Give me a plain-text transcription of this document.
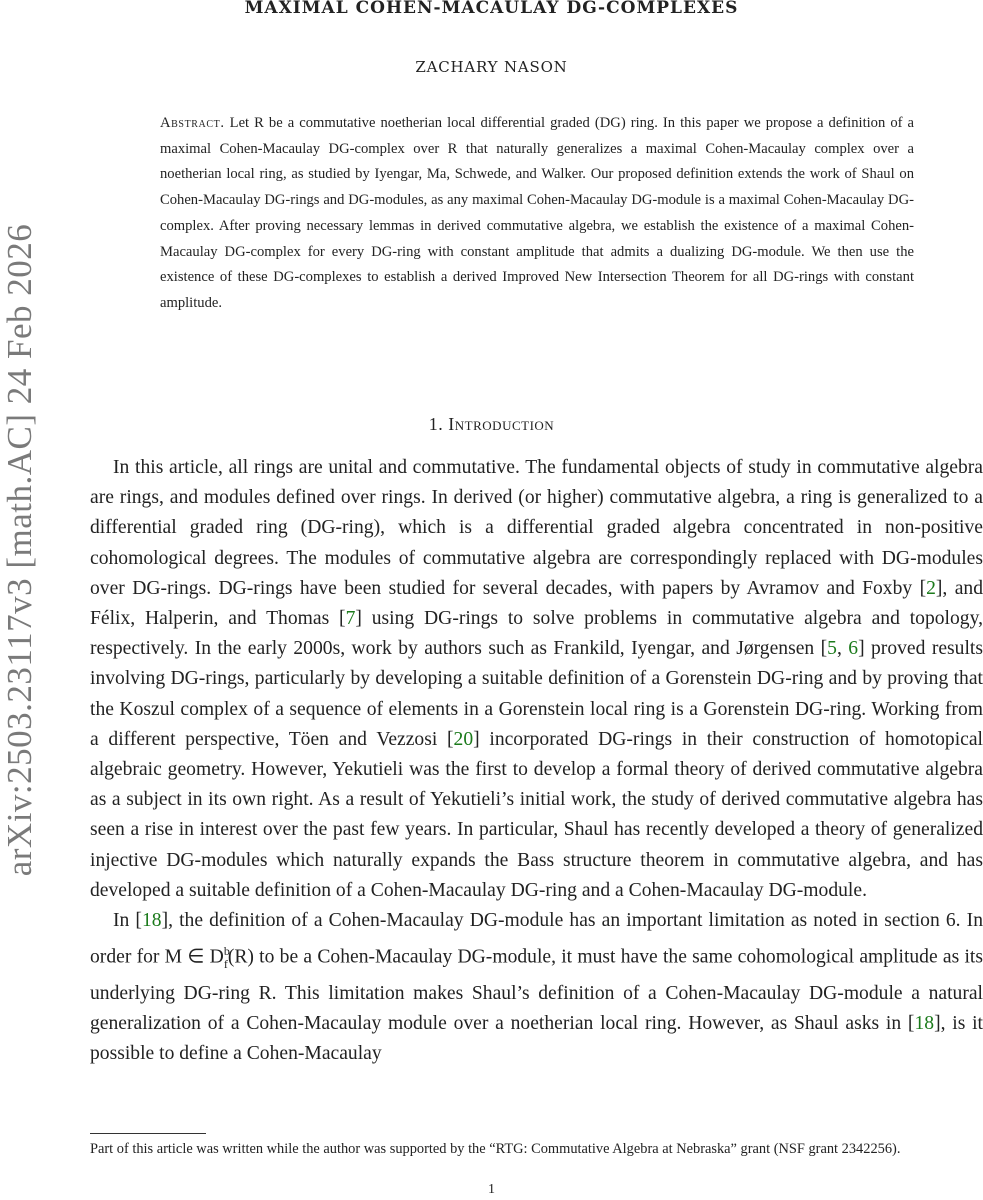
arXiv:2503.23117v3 [math.AC] 24 Feb 2026
MAXIMAL COHEN-MACAULAY DG-COMPLEXES
ZACHARY NASON
Abstract. Let R be a commutative noetherian local differential graded (DG) ring. In this paper we propose a definition of a maximal Cohen-Macaulay DG-complex over R that naturally generalizes a maximal Cohen-Macaulay complex over a noetherian local ring, as studied by Iyengar, Ma, Schwede, and Walker. Our proposed definition extends the work of Shaul on Cohen-Macaulay DG-rings and DG-modules, as any maximal Cohen-Macaulay DG-module is a maximal Cohen-Macaulay DG-complex. After proving necessary lemmas in derived commutative algebra, we establish the existence of a maximal Cohen-Macaulay DG-complex for every DG-ring with constant amplitude that admits a dualizing DG-module. We then use the existence of these DG-complexes to establish a derived Improved New Intersection Theorem for all DG-rings with constant amplitude.
1. Introduction

In this article, all rings are unital and commutative. The fundamental objects of study in commutative algebra are rings, and modules defined over rings. In derived (or higher) commutative algebra, a ring is generalized to a differential graded ring (DG-ring), which is a differential graded algebra concentrated in non-positive cohomological degrees. The modules of commutative algebra are correspondingly replaced with DG-modules over DG-rings. DG-rings have been studied for several decades, with papers by Avramov and Foxby [2], and Félix, Halperin, and Thomas [7] using DG-rings to solve problems in commutative algebra and topology, respectively. In the early 2000s, work by authors such as Frankild, Iyengar, and Jørgensen [5, 6] proved results involving DG-rings, particularly by developing a suitable definition of a Gorenstein DG-ring and by proving that the Koszul complex of a sequence of elements in a Gorenstein local ring is a Gorenstein DG-ring. Working from a different perspective, Töen and Vezzosi [20] incorporated DG-rings in their construction of homotopical algebraic geometry. However, Yekutieli was the first to develop a formal theory of derived commutative algebra as a subject in its own right. As a result of Yekutieli’s initial work, the study of derived commutative algebra has seen a rise in interest over the past few years. In particular, Shaul has recently developed a theory of generalized injective DG-modules which naturally expands the Bass structure theorem in commutative algebra, and has developed a suitable definition of a Cohen-Macaulay DG-ring and a Cohen-Macaulay DG-module.

In [18], the definition of a Cohen-Macaulay DG-module has an important limitation as noted in section 6. In order for M ∈ $D^b_f(R)$ to be a Cohen-Macaulay DG-module, it must have the same cohomological amplitude as its underlying DG-ring R. This limitation makes Shaul’s definition of a Cohen-Macaulay DG-module a natural generalization of a Cohen-Macaulay module over a noetherian local ring. However, as Shaul asks in [18], is it possible to define a Cohen-Macaulay

Part of this article was written while the author was supported by the “RTG: Commutative Algebra at Nebraska” grant (NSF grant 2342256).
1
